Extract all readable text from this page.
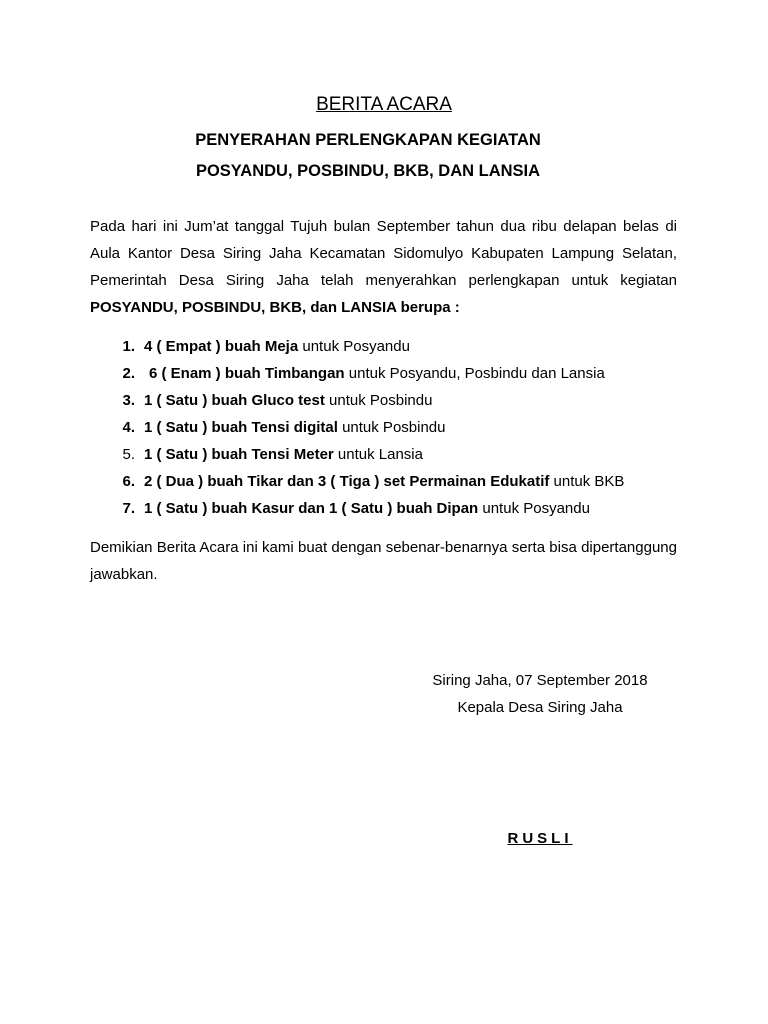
BERITA ACARA
PENYERAHAN PERLENGKAPAN KEGIATAN
POSYANDU, POSBINDU, BKB, DAN LANSIA

Pada hari ini Jum’at tanggal Tujuh bulan September tahun dua ribu delapan belas di Aula Kantor Desa Siring Jaha Kecamatan Sidomulyo Kabupaten Lampung Selatan, Pemerintah Desa Siring Jaha telah menyerahkan perlengkapan untuk kegiatan POSYANDU, POSBINDU, BKB, dan LANSIA berupa :

1. 4 ( Empat ) buah Meja untuk Posyandu
2. 6 ( Enam ) buah Timbangan untuk Posyandu, Posbindu dan Lansia
3. 1 ( Satu ) buah Gluco test untuk Posbindu
4. 1 ( Satu ) buah Tensi digital untuk Posbindu
5. 1 ( Satu ) buah Tensi Meter untuk Lansia
6. 2 ( Dua ) buah Tikar dan 3 ( Tiga ) set Permainan Edukatif untuk BKB
7. 1 ( Satu ) buah Kasur dan 1 ( Satu ) buah Dipan untuk Posyandu

Demikian Berita Acara ini kami buat dengan sebenar-benarnya serta bisa dipertanggung jawabkan.

Siring Jaha, 07 September 2018

Kepala Desa Siring Jaha

RUSLI
